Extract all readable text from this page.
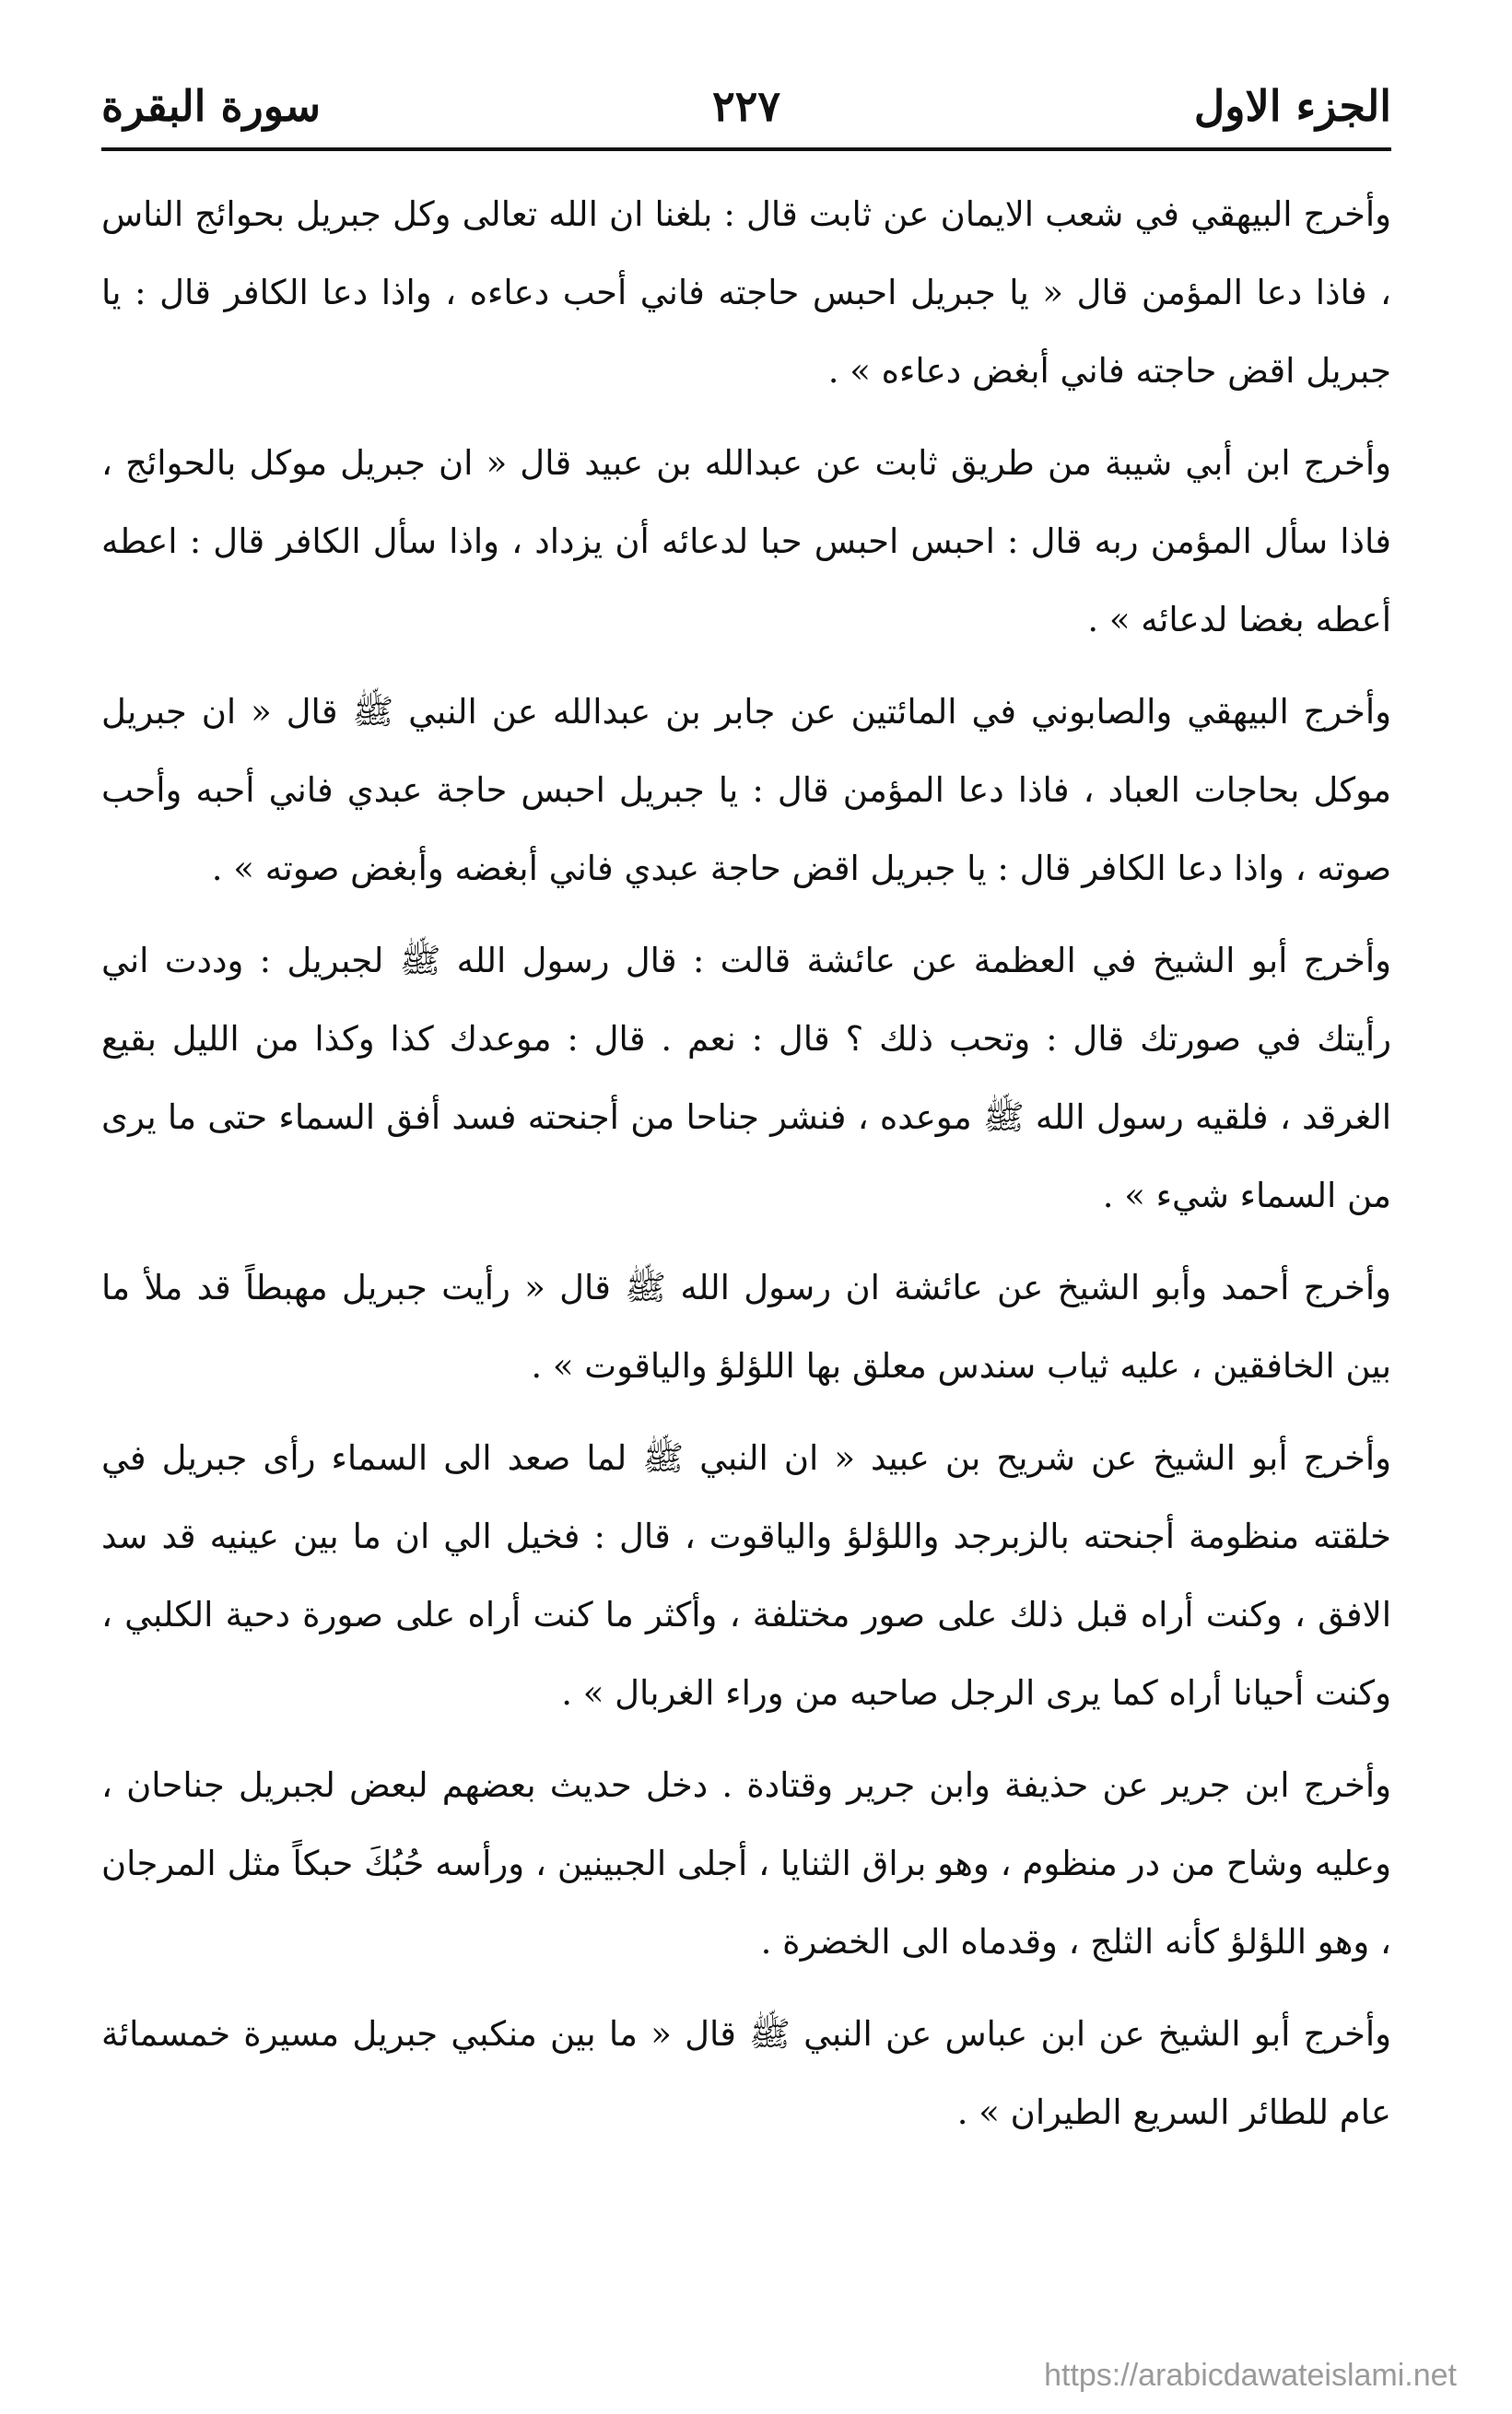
الجزء الاول
٢٢٧
سورة البقرة

وأخرج البيهقي في شعب الايمان عن ثابت قال : بلغنا ان الله تعالى وكل جبريل بحوائج الناس ، فاذا دعا المؤمن قال « يا جبريل احبس حاجته فاني أحب دعاءه ، واذا دعا الكافر قال : يا جبريل اقض حاجته فاني أبغض دعاءه » .

وأخرج ابن أبي شيبة من طريق ثابت عن عبدالله بن عبيد قال « ان جبريل موكل بالحوائج ، فاذا سأل المؤمن ربه قال : احبس احبس حبا لدعائه أن يزداد ، واذا سأل الكافر قال : اعطه أعطه بغضا لدعائه » .

وأخرج البيهقي والصابوني في المائتين عن جابر بن عبدالله عن النبي ﷺ قال « ان جبريل موكل بحاجات العباد ، فاذا دعا المؤمن قال : يا جبريل احبس حاجة عبدي فاني أحبه وأحب صوته ، واذا دعا الكافر قال : يا جبريل اقض حاجة عبدي فاني أبغضه وأبغض صوته » .

وأخرج أبو الشيخ في العظمة عن عائشة قالت : قال رسول الله ﷺ لجبريل : وددت اني رأيتك في صورتك قال : وتحب ذلك ؟ قال : نعم . قال : موعدك كذا وكذا من الليل بقيع الغرقد ، فلقيه رسول الله ﷺ موعده ، فنشر جناحا من أجنحته فسد أفق السماء حتى ما يرى من السماء شيء » .

وأخرج أحمد وأبو الشيخ عن عائشة ان رسول الله ﷺ قال « رأيت جبريل مهبطاً قد ملأ ما بين الخافقين ، عليه ثياب سندس معلق بها اللؤلؤ والياقوت » .

وأخرج أبو الشيخ عن شريح بن عبيد « ان النبي ﷺ لما صعد الى السماء رأى جبريل في خلقته منظومة أجنحته بالزبرجد واللؤلؤ والياقوت ، قال : فخيل الي ان ما بين عينيه قد سد الافق ، وكنت أراه قبل ذلك على صور مختلفة ، وأكثر ما كنت أراه على صورة دحية الكلبي ، وكنت أحيانا أراه كما يرى الرجل صاحبه من وراء الغربال » .

وأخرج ابن جرير عن حذيفة وابن جرير وقتادة . دخل حديث بعضهم لبعض لجبريل جناحان ، وعليه وشاح من در منظوم ، وهو براق الثنايا ، أجلى الجبينين ، ورأسه حُبُكَ حبكاً مثل المرجان ، وهو اللؤلؤ كأنه الثلج ، وقدماه الى الخضرة .

وأخرج أبو الشيخ عن ابن عباس عن النبي ﷺ قال « ما بين منكبي جبريل مسيرة خمسمائة عام للطائر السريع الطيران » .

https://arabicdawateislami.net
